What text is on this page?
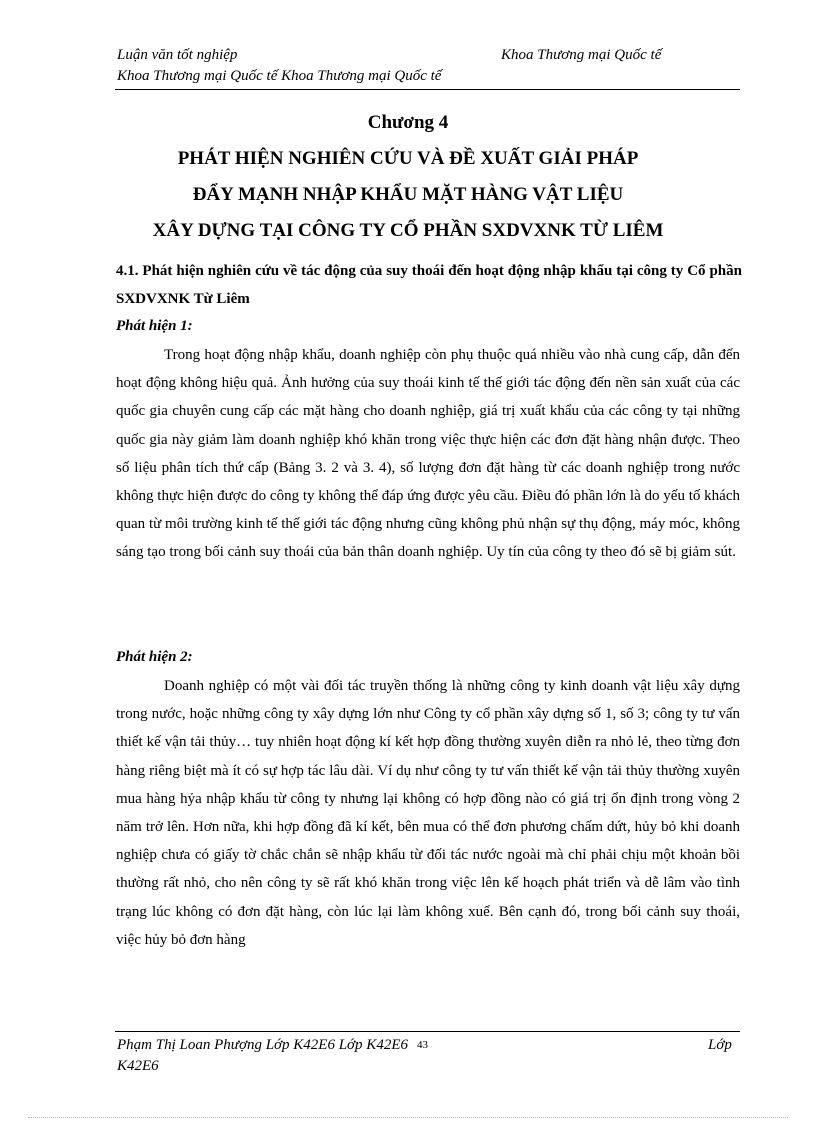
Luận văn tốt nghiệp	Khoa Thương mại Quốc tế
Khoa Thương mại Quốc tế Khoa Thương mại Quốc tế
Chương 4
PHÁT HIỆN NGHIÊN CỨU VÀ ĐỀ XUẤT GIẢI PHÁP
ĐẨY MẠNH NHẬP KHẨU MẶT HÀNG VẬT LIỆU
XÂY DỰNG TẠI CÔNG TY CỔ PHẦN SXDVXNK TỪ LIÊM
4.1. Phát hiện nghiên cứu về tác động của suy thoái đến hoạt động nhập khẩu tại công ty Cổ phần SXDVXNK Từ Liêm
Phát hiện 1:
Trong hoạt động nhập khẩu, doanh nghiệp còn phụ thuộc quá nhiều vào nhà cung cấp, dẫn đến hoạt động không hiệu quả. Ảnh hưởng của suy thoái kinh tế thế giới tác động đến nền sản xuất của các quốc gia chuyên cung cấp các mặt hàng cho doanh nghiệp, giá trị xuất khẩu của các công ty tại những quốc gia này giảm làm doanh nghiệp khó khăn trong việc thực hiện các đơn đặt hàng nhận được. Theo số liệu phân tích thứ cấp (Bảng 3. 2 và 3. 4), số lượng đơn đặt hàng từ các doanh nghiệp trong nước không thực hiện được do công ty không thể đáp ứng được yêu cầu. Điều đó phần lớn là do yếu tố khách quan từ môi trường kinh tế thế giới tác động nhưng cũng không phủ nhận sự thụ động, máy móc, không sáng tạo trong bối cảnh suy thoái của bản thân doanh nghiệp. Uy tín của công ty theo đó sẽ bị giảm sút.
Phát hiện 2:
Doanh nghiệp có một vài đối tác truyền thống là những công ty kinh doanh vật liệu xây dựng trong nước, hoặc những công ty xây dựng lớn như Công ty cổ phần xây dựng số 1, số 3; công ty tư vấn thiết kế vận tải thủy… tuy nhiên hoạt động kí kết hợp đồng thường xuyên diễn ra nhỏ lẻ, theo từng đơn hàng riêng biệt mà ít có sự hợp tác lâu dài. Ví dụ như công ty tư vấn thiết kế vận tải thủy thường xuyên mua hàng hỷa nhập khẩu từ công ty nhưng lại không có hợp đồng nào có giá trị ổn định trong vòng 2 năm trở lên. Hơn nữa, khi hợp đồng đã kí kết, bên mua có thể đơn phương chấm dứt, hủy bỏ khi doanh nghiệp chưa có giấy tờ chắc chắn sẽ nhập khẩu từ đối tác nước ngoài mà chỉ phải chịu một khoản bồi thường rất nhỏ, cho nên công ty sẽ rất khó khăn trong việc lên kế hoạch phát triển và dễ lâm vào tình trạng lúc không có đơn đặt hàng, còn lúc lại làm không xuể. Bên cạnh đó, trong bối cảnh suy thoái, việc hủy bỏ đơn hàng
Phạm Thị Loan Phượng Lớp K42E6 Lớp K42E6	Lớp
K42E6
43
